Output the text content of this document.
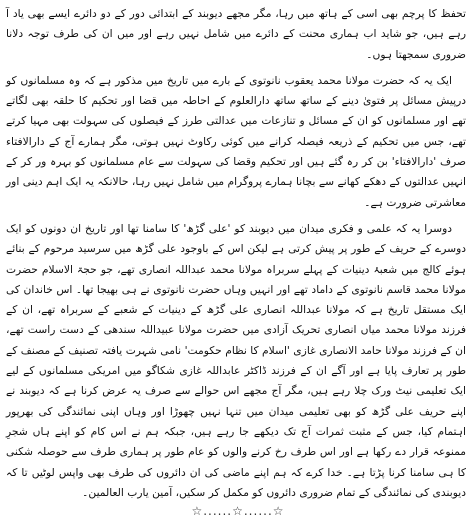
تحفظ کا پرچم بھی اسی کے ہاتھ میں رہا، مگر مجھے دیوبند کے ابتدائی دور کے دو دائرے ایسے بھی یاد آ رہے ہیں، جو شاید اب ہماری محنت کے دائرے میں شامل نہیں رہے اور میں ان کی طرف توجہ دلانا ضروری سمجھتا ہوں۔

ایک یہ کہ حضرت مولانا محمد یعقوب نانوتوی کے بارے میں تاریخ میں مذکور ہے کہ وہ مسلمانوں کو درپیش مسائل پر فتویٰ دینے کے ساتھ ساتھ دارالعلوم کے احاطہ میں قضا اور تحکیم کا حلقہ بھی لگاتے تھے اور مسلمانوں کو ان کے مسائل و تنازعات میں عدالتی طرز کے فیصلوں کی سہولت بھی مہیا کرتے تھے، جس میں تحکیم کے ذریعہ فیصلہ کرانے میں کوئی رکاوٹ نہیں ہوتی، مگر ہمارے آج کے دارالافتاء صرف 'دارالافتاء' بن کر رہ گئے ہیں اور تحکیم وقضا کی سہولت سے عام مسلمانوں کو بہرہ ور کر کے انہیں عدالتوں کے دھکے کھانے سے بچانا ہمارے پروگرام میں شامل نہیں رہا، حالانکہ یہ ایک اہم دینی اور معاشرتی ضرورت ہے۔

دوسرا یہ کہ علمی و فکری میدان میں دیوبند کو 'علی گڑھ' کا سامنا تھا اور تاریخ ان دونوں کو ایک دوسرے کے حریف کے طور پر پیش کرتی ہے لیکن اس کے باوجود علی گڑھ میں سرسید مرحوم کے بنائے ہوئے کالج میں شعبۂ دینیات کے پہلے سربراہ مولانا محمد عبداللہ انصاری تھے، جو حجۃ الاسلام حضرت مولانا محمد قاسم نانوتوی کے داماد تھے اور انہیں وہاں حضرت نانوتوی نے ہی بھیجا تھا۔ اس خاندان کی ایک مستقل تاریخ ہے کہ مولانا عبداللہ انصاری علی گڑھ کے دینیات کے شعبے کے سربراہ تھے، ان کے فرزند مولانا محمد میاں انصاری تحریک آزادی میں حضرت مولانا عبیداللہ سندھی کے دست راست تھے، ان کے فرزند مولانا حامد الانصاری غازی 'اسلام کا نظام حکومت' نامی شہرت یافتہ تصنیف کے مصنف کے طور پر تعارف پایا ہے اور آگے ان کے فرزند ڈاکٹر عابداللہ غازی شکاگو میں امریکی مسلمانوں کے لیے ایک تعلیمی نیٹ ورک چلا رہے ہیں، مگر آج مجھے اس حوالے سے صرف یہ عرض کرنا ہے کہ دیوبند نے اپنے حریف علی گڑھ کو بھی تعلیمی میدان میں تنہا نہیں چھوڑا اور وہاں اپنی نمائندگی کی بھرپور اہتمام کیا، جس کے مثبت ثمرات آج تک دیکھے جا رہے ہیں، جبکہ ہم نے اس کام کو اپنے ہاں شجرِ ممنوعہ قرار دے رکھا ہے اور اس طرف رخ کرنے والوں کو عام طور پر ہماری طرف سے حوصلہ شکنی کا ہی سامنا کرنا پڑتا ہے۔ خدا کرے کہ ہم اپنے ماضی کی ان دائروں کی طرف بھی واپس لوٹیں تا کہ دیوبندی کی نمائندگی کے تمام ضروری دائروں کو مکمل کر سکیں، آمین یارب العالمین۔

☆......☆......☆
